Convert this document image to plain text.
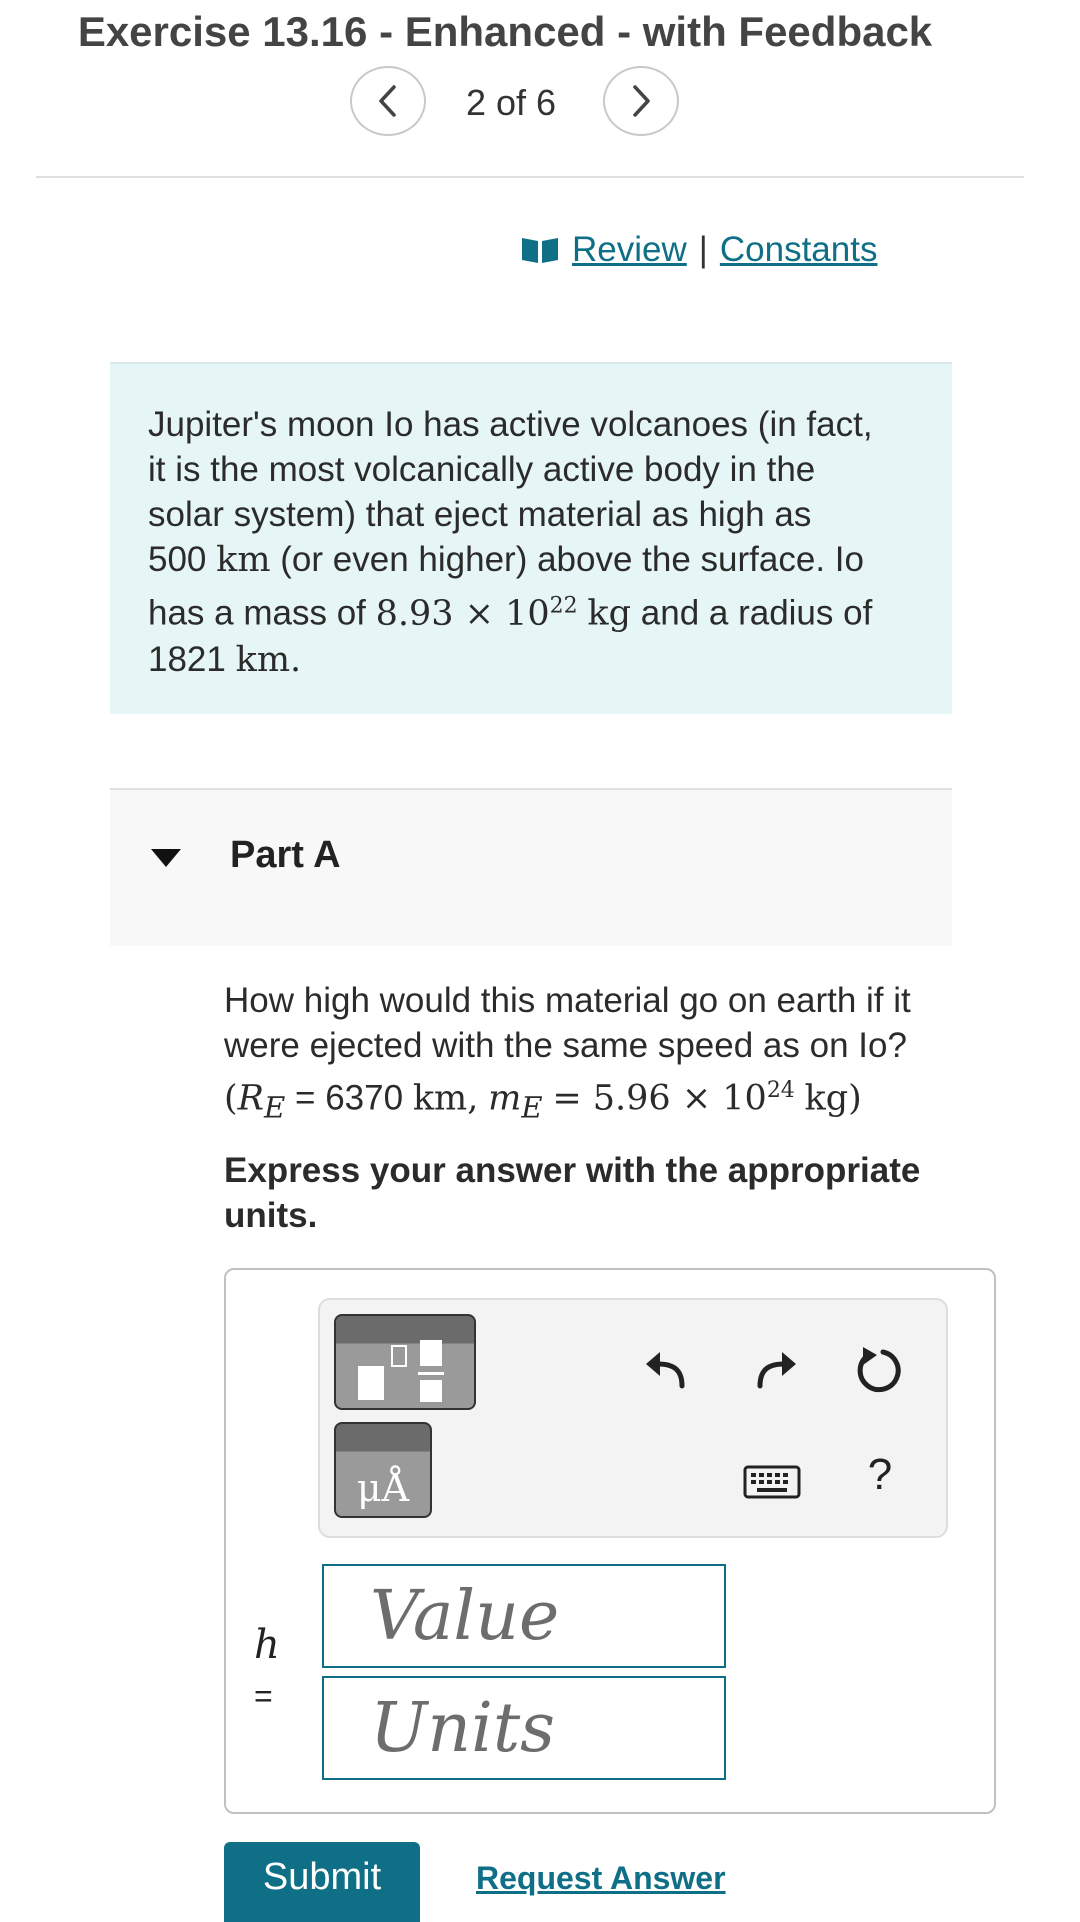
Exercise 13.16 - Enhanced - with Feedback
2 of 6
Review | Constants
Jupiter's moon Io has active volcanoes (in fact,
it is the most volcanically active body in the
solar system) that eject material as high as
500 km (or even higher) above the surface. Io
has a mass of $8.93 \times 10^{22}$ kg and a radius of
1821 km.
Part A
How high would this material go on earth if it
were ejected with the same speed as on Io?
($R_E = 6370$ km, $m_E = 5.96 \times 10^{24}$ kg)
Express your answer with the appropriate units.
μÅ	?
h
=
Value
Units
Submit	Request Answer
